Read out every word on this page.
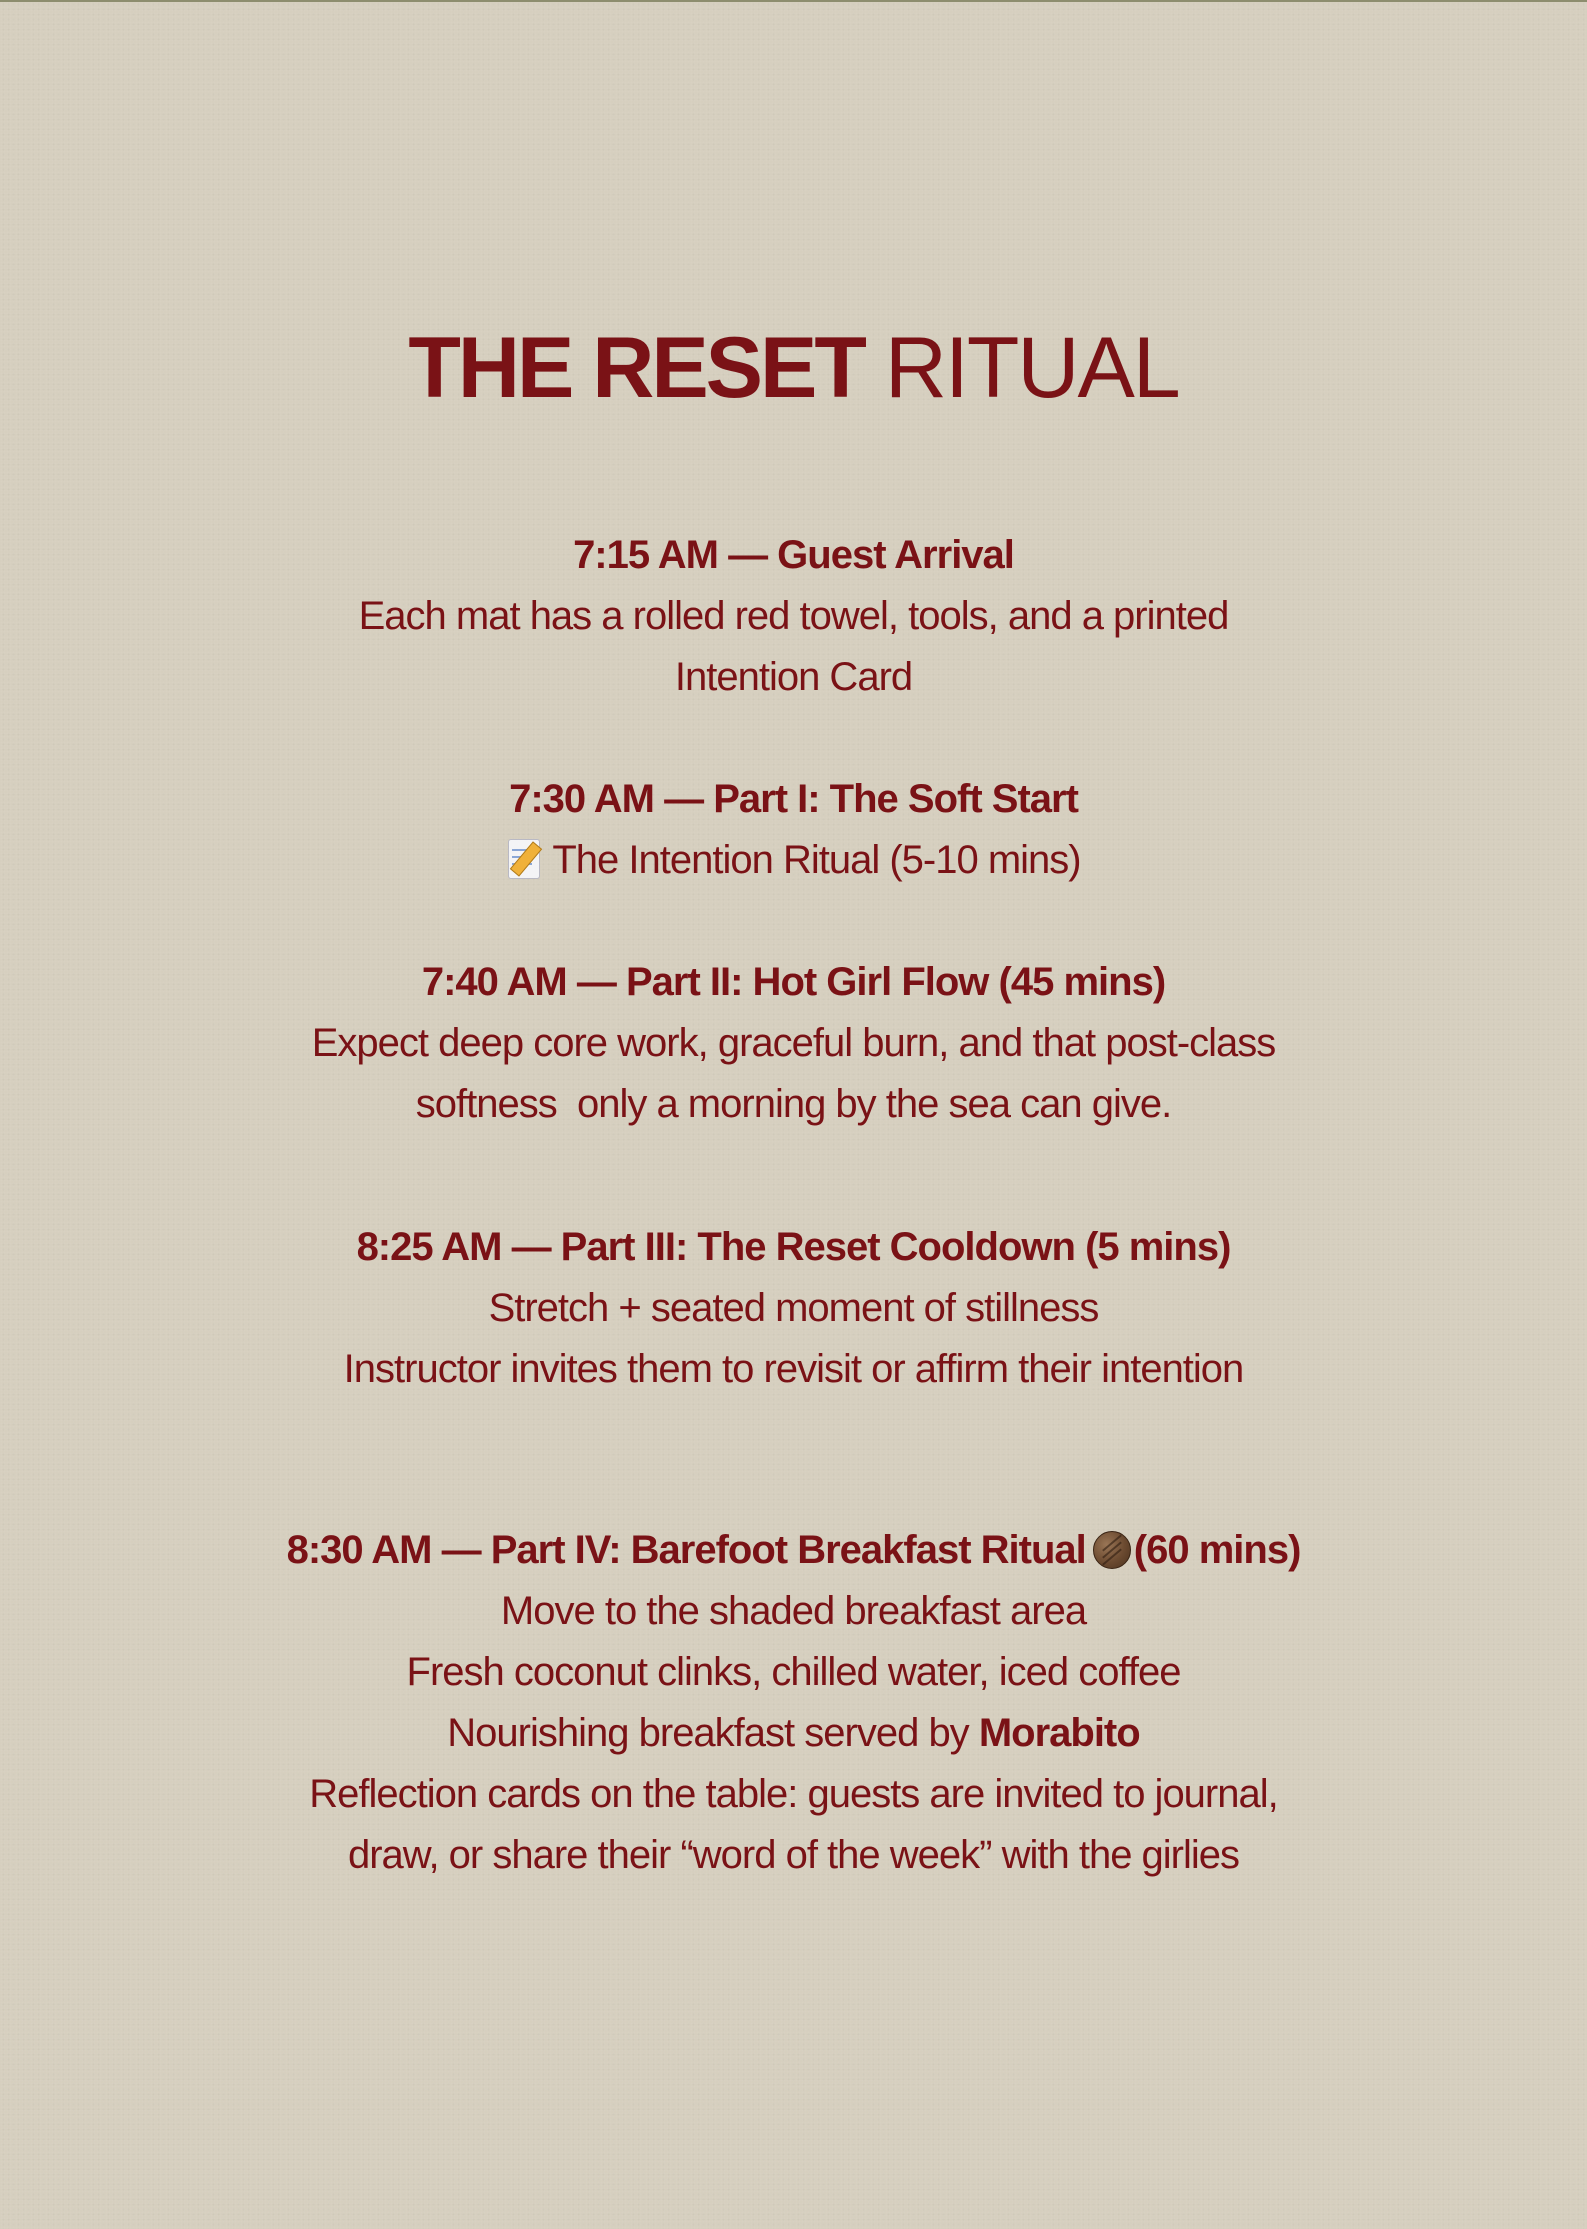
THE RESET RITUAL

7:15 AM — Guest Arrival

Each mat has a rolled red towel, tools, and a printed

Intention Card

7:30 AM — Part I: The Soft Start

The Intention Ritual (5-10 mins)

7:40 AM — Part II: Hot Girl Flow (45 mins)

Expect deep core work, graceful burn, and that post-class

softness  only a morning by the sea can give.

8:25 AM — Part III: The Reset Cooldown (5 mins)

Stretch + seated moment of stillness

Instructor invites them to revisit or affirm their intention

8:30 AM — Part IV: Barefoot Breakfast Ritual (60 mins)

Move to the shaded breakfast area

Fresh coconut clinks, chilled water, iced coffee

Nourishing breakfast served by Morabito

Reflection cards on the table: guests are invited to journal,

draw, or share their “word of the week” with the girlies
